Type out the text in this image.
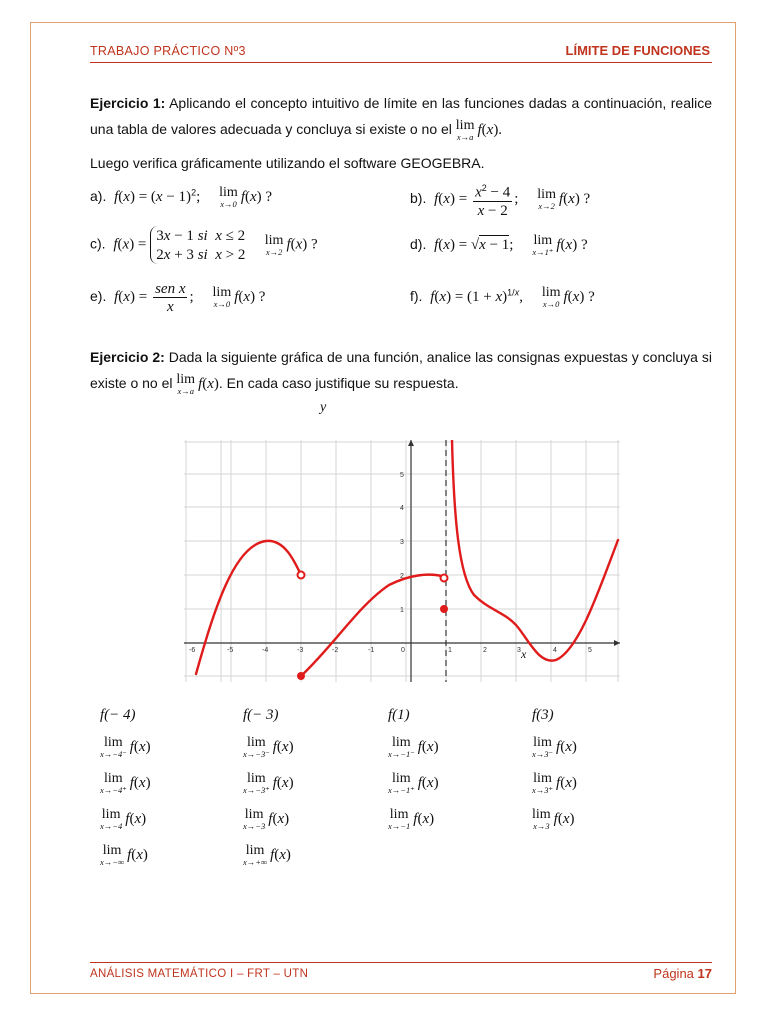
TRABAJO PRÁCTICO Nº3	LÍMITE DE FUNCIONES
Ejercicio 1: Aplicando el concepto intuitivo de límite en las funciones dadas a continuación, realice una tabla de valores adecuada y concluya si existe o no el lim
x→a f(x).
Luego verifica gráficamente utilizando el software GEOGEBRA.
a). $f(x) = (x - 1)^2$; lim
x→0 f(x) ?	b). $f(x) = \frac{x^2 - 4}{x - 2}$ ; lim
x→2 f(x) ?
c). f(x) = 3x − 1 si  x ≤ 2
2x + 3 si  x > 2
lim
x→2 f(x) ?	d). f(x) = √x − 1; lim
x→1⁺ f(x) ?
e). $f(x) = \frac{\text{sen x}}{x}$ ; lim
x→0 f(x) ?	f). $f(x) = (1 + x)^{1/x}$, lim
x→0 f(x) ?
Ejercicio 2: Dada la siguiente gráfica de una función, analice las consignas expuestas y concluya si existe o no el lim
x→a f(x). En cada caso justifique su respuesta.
y
-6	-5	-4	-3	-2	-1	0	1	2	3	4	5
1
2
3
4
5
x
f(− 4)	f(− 3)	f(1)	f(3)
lim
x→−4⁻ f(x)	lim
x→−3⁻ f(x)	lim
x→−1⁻ f(x)	lim
x→3⁻ f(x)
lim
x→−4⁺ f(x)	lim
x→−3⁺ f(x)	lim
x→−1⁺ f(x)	lim
x→3⁺ f(x)
lim
x→−4 f(x)	lim
x→−3 f(x)	lim
x→−1 f(x)	lim
x→3 f(x)
lim
x→−∞ f(x)	lim
x→+∞ f(x)
ANÁLISIS MATEMÁTICO I – FRT – UTN	Página 17
